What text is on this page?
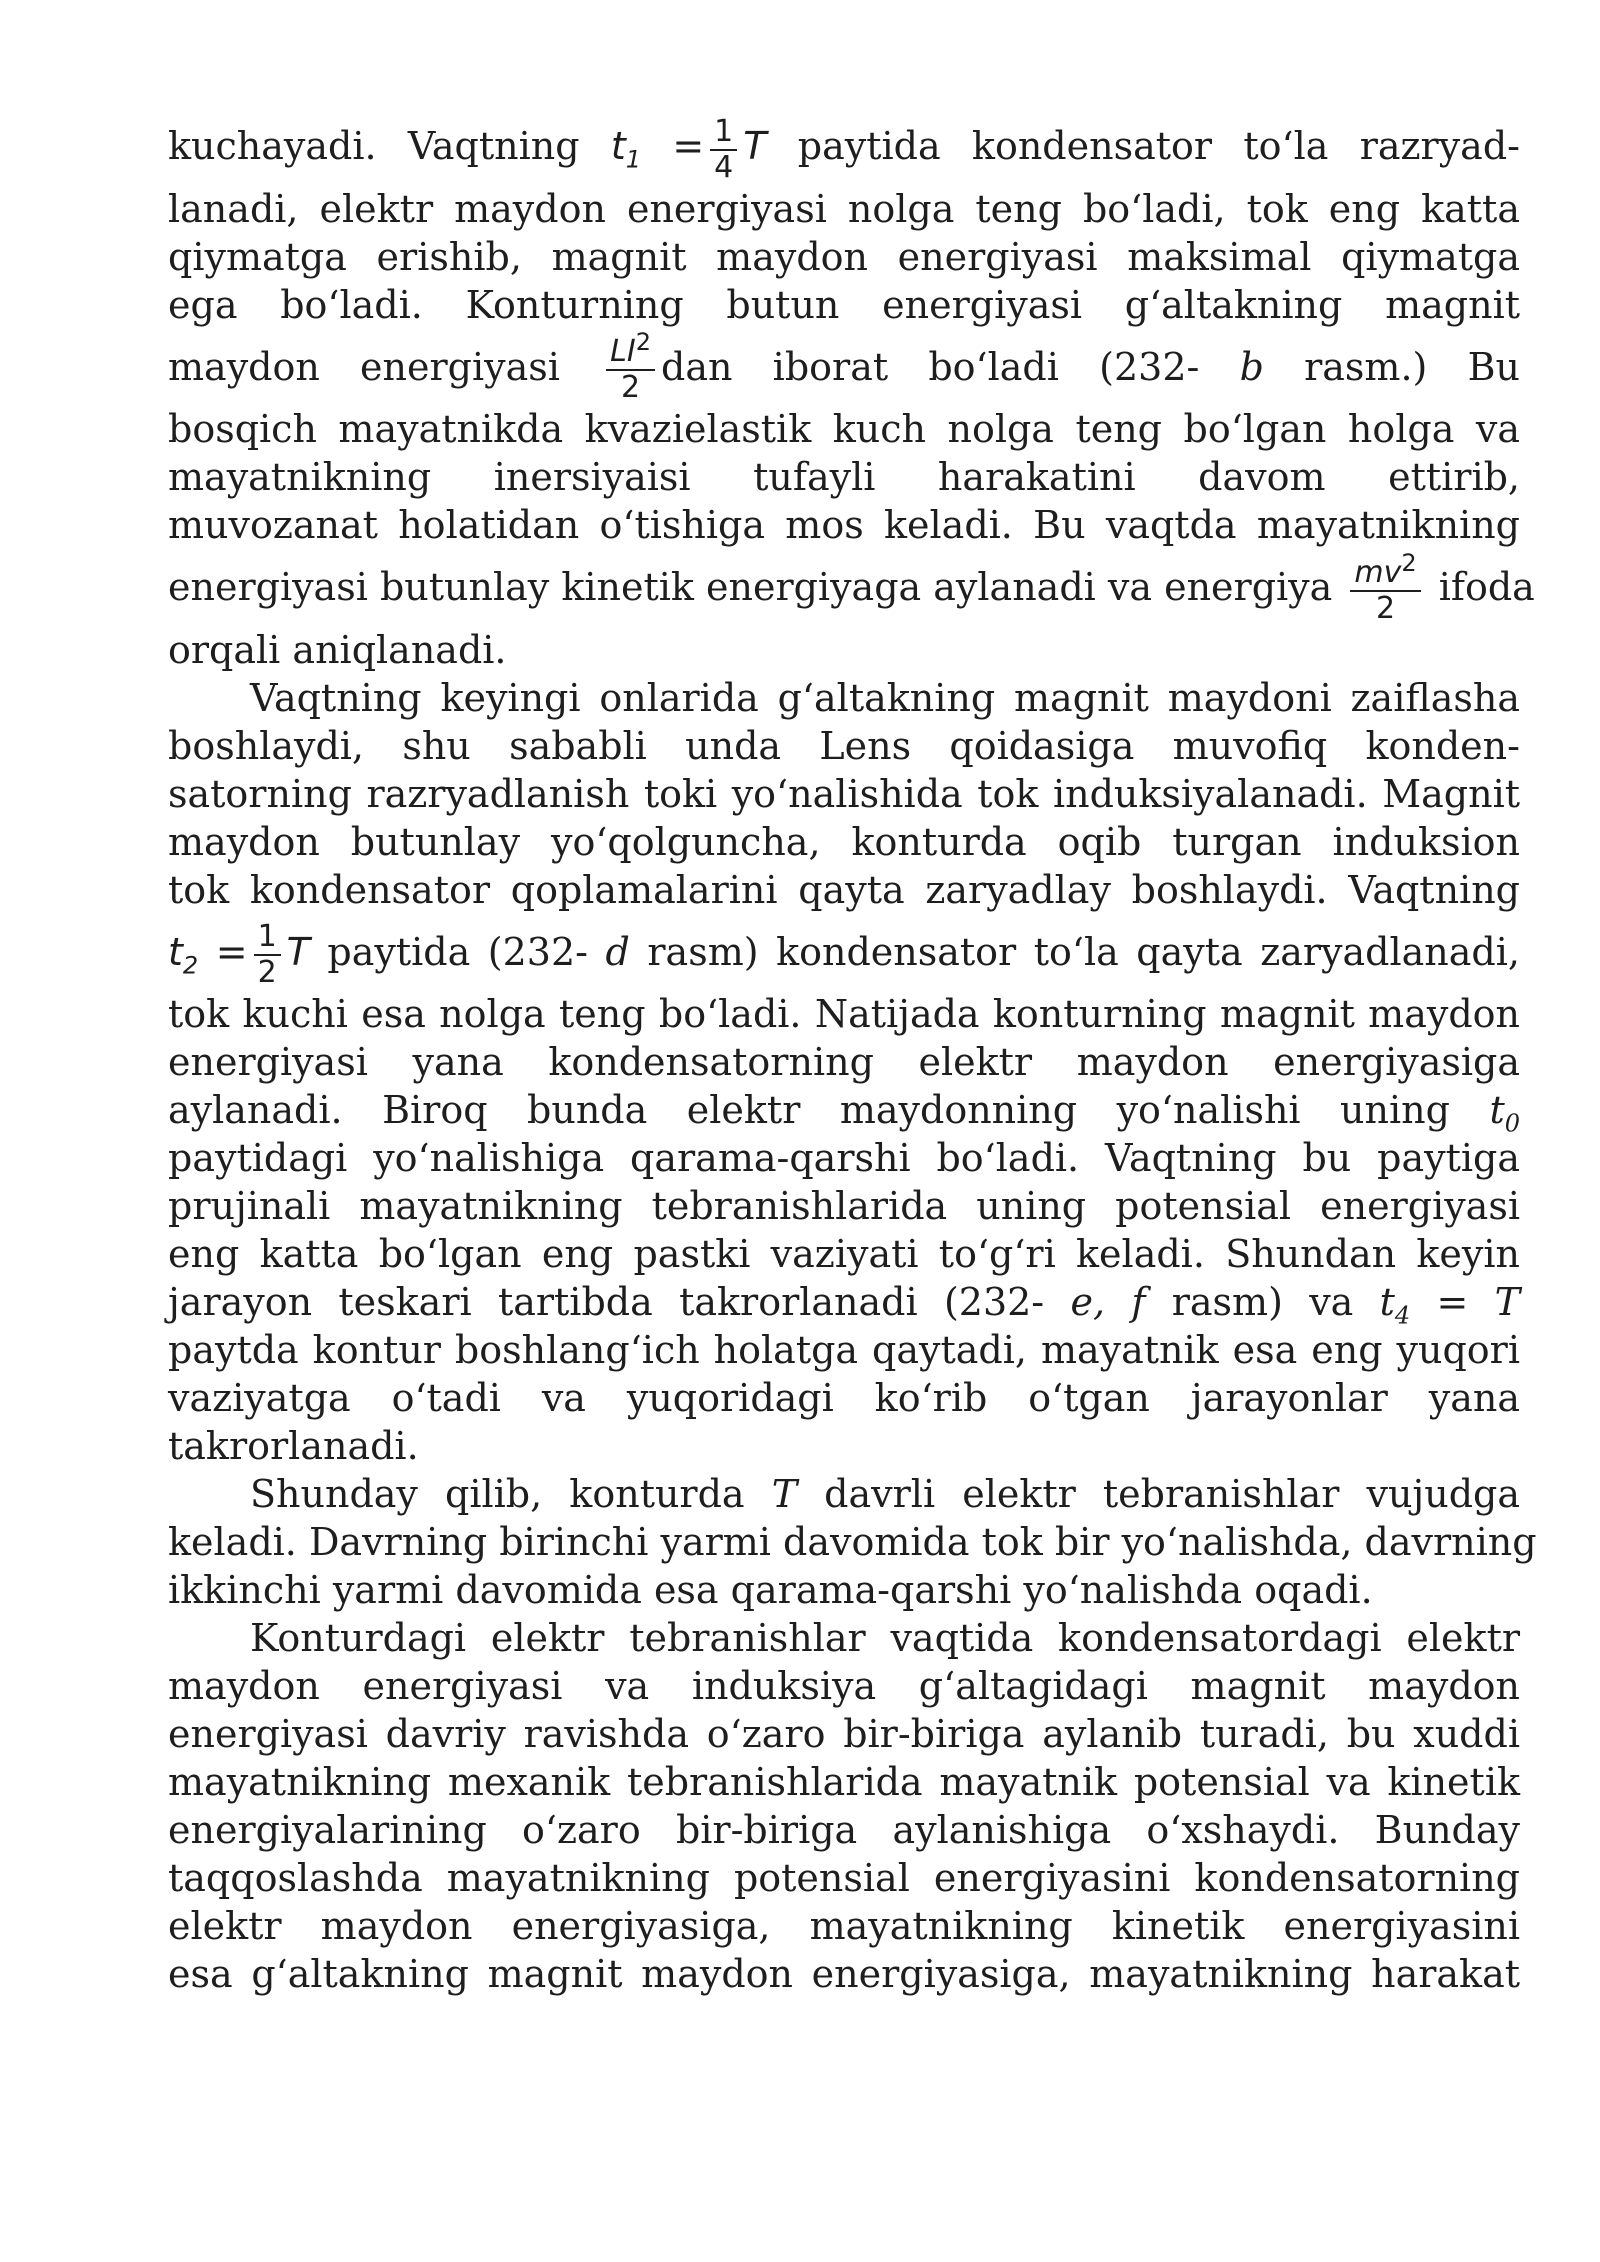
kuchayadi. Vaqtning $t_1 = \frac{1}{4}$ T paytida kondensator to‘la razryad-
lanadi, elektr maydon energiyasi nolga teng bo‘ladi, tok eng katta
qiymatga erishib, magnit maydon energiyasi maksimal qiymatga
ega bo‘ladi. Konturning butun energiyasi g‘altakning magnit
maydon energiyasi $\frac{LI^2}{2}$ dan iborat bo‘ladi (232- b rasm.) Bu
bosqich mayatnikda kvazielastik kuch nolga teng bo‘lgan holga va
mayatnikning inersiyaisi tufayli harakatini davom ettirib,
muvozanat holatidan o‘tishiga mos keladi. Bu vaqtda mayatnikning
energiyasi butunlay kinetik energiyaga aylanadi va energiya $\frac{mv^2}{2}$ ifoda
orqali aniqlanadi.
Vaqtning keyingi onlarida g‘altakning magnit maydoni zaiflasha
boshlaydi, shu sababli unda Lens qoidasiga muvofiq konden-
satorning razryadlanish toki yo‘nalishida tok induksiyalanadi. Magnit
maydon butunlay yo‘qolguncha, konturda oqib turgan induksion
tok kondensator qoplamalarini qayta zaryadlay boshlaydi. Vaqtning
$t_2 = \frac{1}{2}$ T paytida (232- d rasm) kondensator to‘la qayta zaryadlanadi,
tok kuchi esa nolga teng bo‘ladi. Natijada konturning magnit maydon
energiyasi yana kondensatorning elektr maydon energiyasiga
aylanadi. Biroq bunda elektr maydonning yo‘nalishi uning $t_0$
paytidagi yo‘nalishiga qarama-qarshi bo‘ladi. Vaqtning bu paytiga
prujinali mayatnikning tebranishlarida uning potensial energiyasi
eng katta bo‘lgan eng pastki vaziyati to‘g‘ri keladi. Shundan keyin
jarayon teskari tartibda takrorlanadi (232- e, f rasm) va $t_4 = T$
paytda kontur boshlang‘ich holatga qaytadi, mayatnik esa eng yuqori
vaziyatga o‘tadi va yuqoridagi ko‘rib o‘tgan jarayonlar yana
takrorlanadi.
Shunday qilib, konturda T davrli elektr tebranishlar vujudga
keladi. Davrning birinchi yarmi davomida tok bir yo‘nalishda, davrning
ikkinchi yarmi davomida esa qarama-qarshi yo‘nalishda oqadi.
Konturdagi elektr tebranishlar vaqtida kondensatordagi elektr
maydon energiyasi va induksiya g‘altagidagi magnit maydon
energiyasi davriy ravishda o‘zaro bir-biriga aylanib turadi, bu xuddi
mayatnikning mexanik tebranishlarida mayatnik potensial va kinetik
energiyalarining o‘zaro bir-biriga aylanishiga o‘xshaydi. Bunday
taqqoslashda mayatnikning potensial energiyasini kondensatorning
elektr maydon energiyasiga, mayatnikning kinetik energiyasini
esa g‘altakning magnit maydon energiyasiga, mayatnikning harakat
